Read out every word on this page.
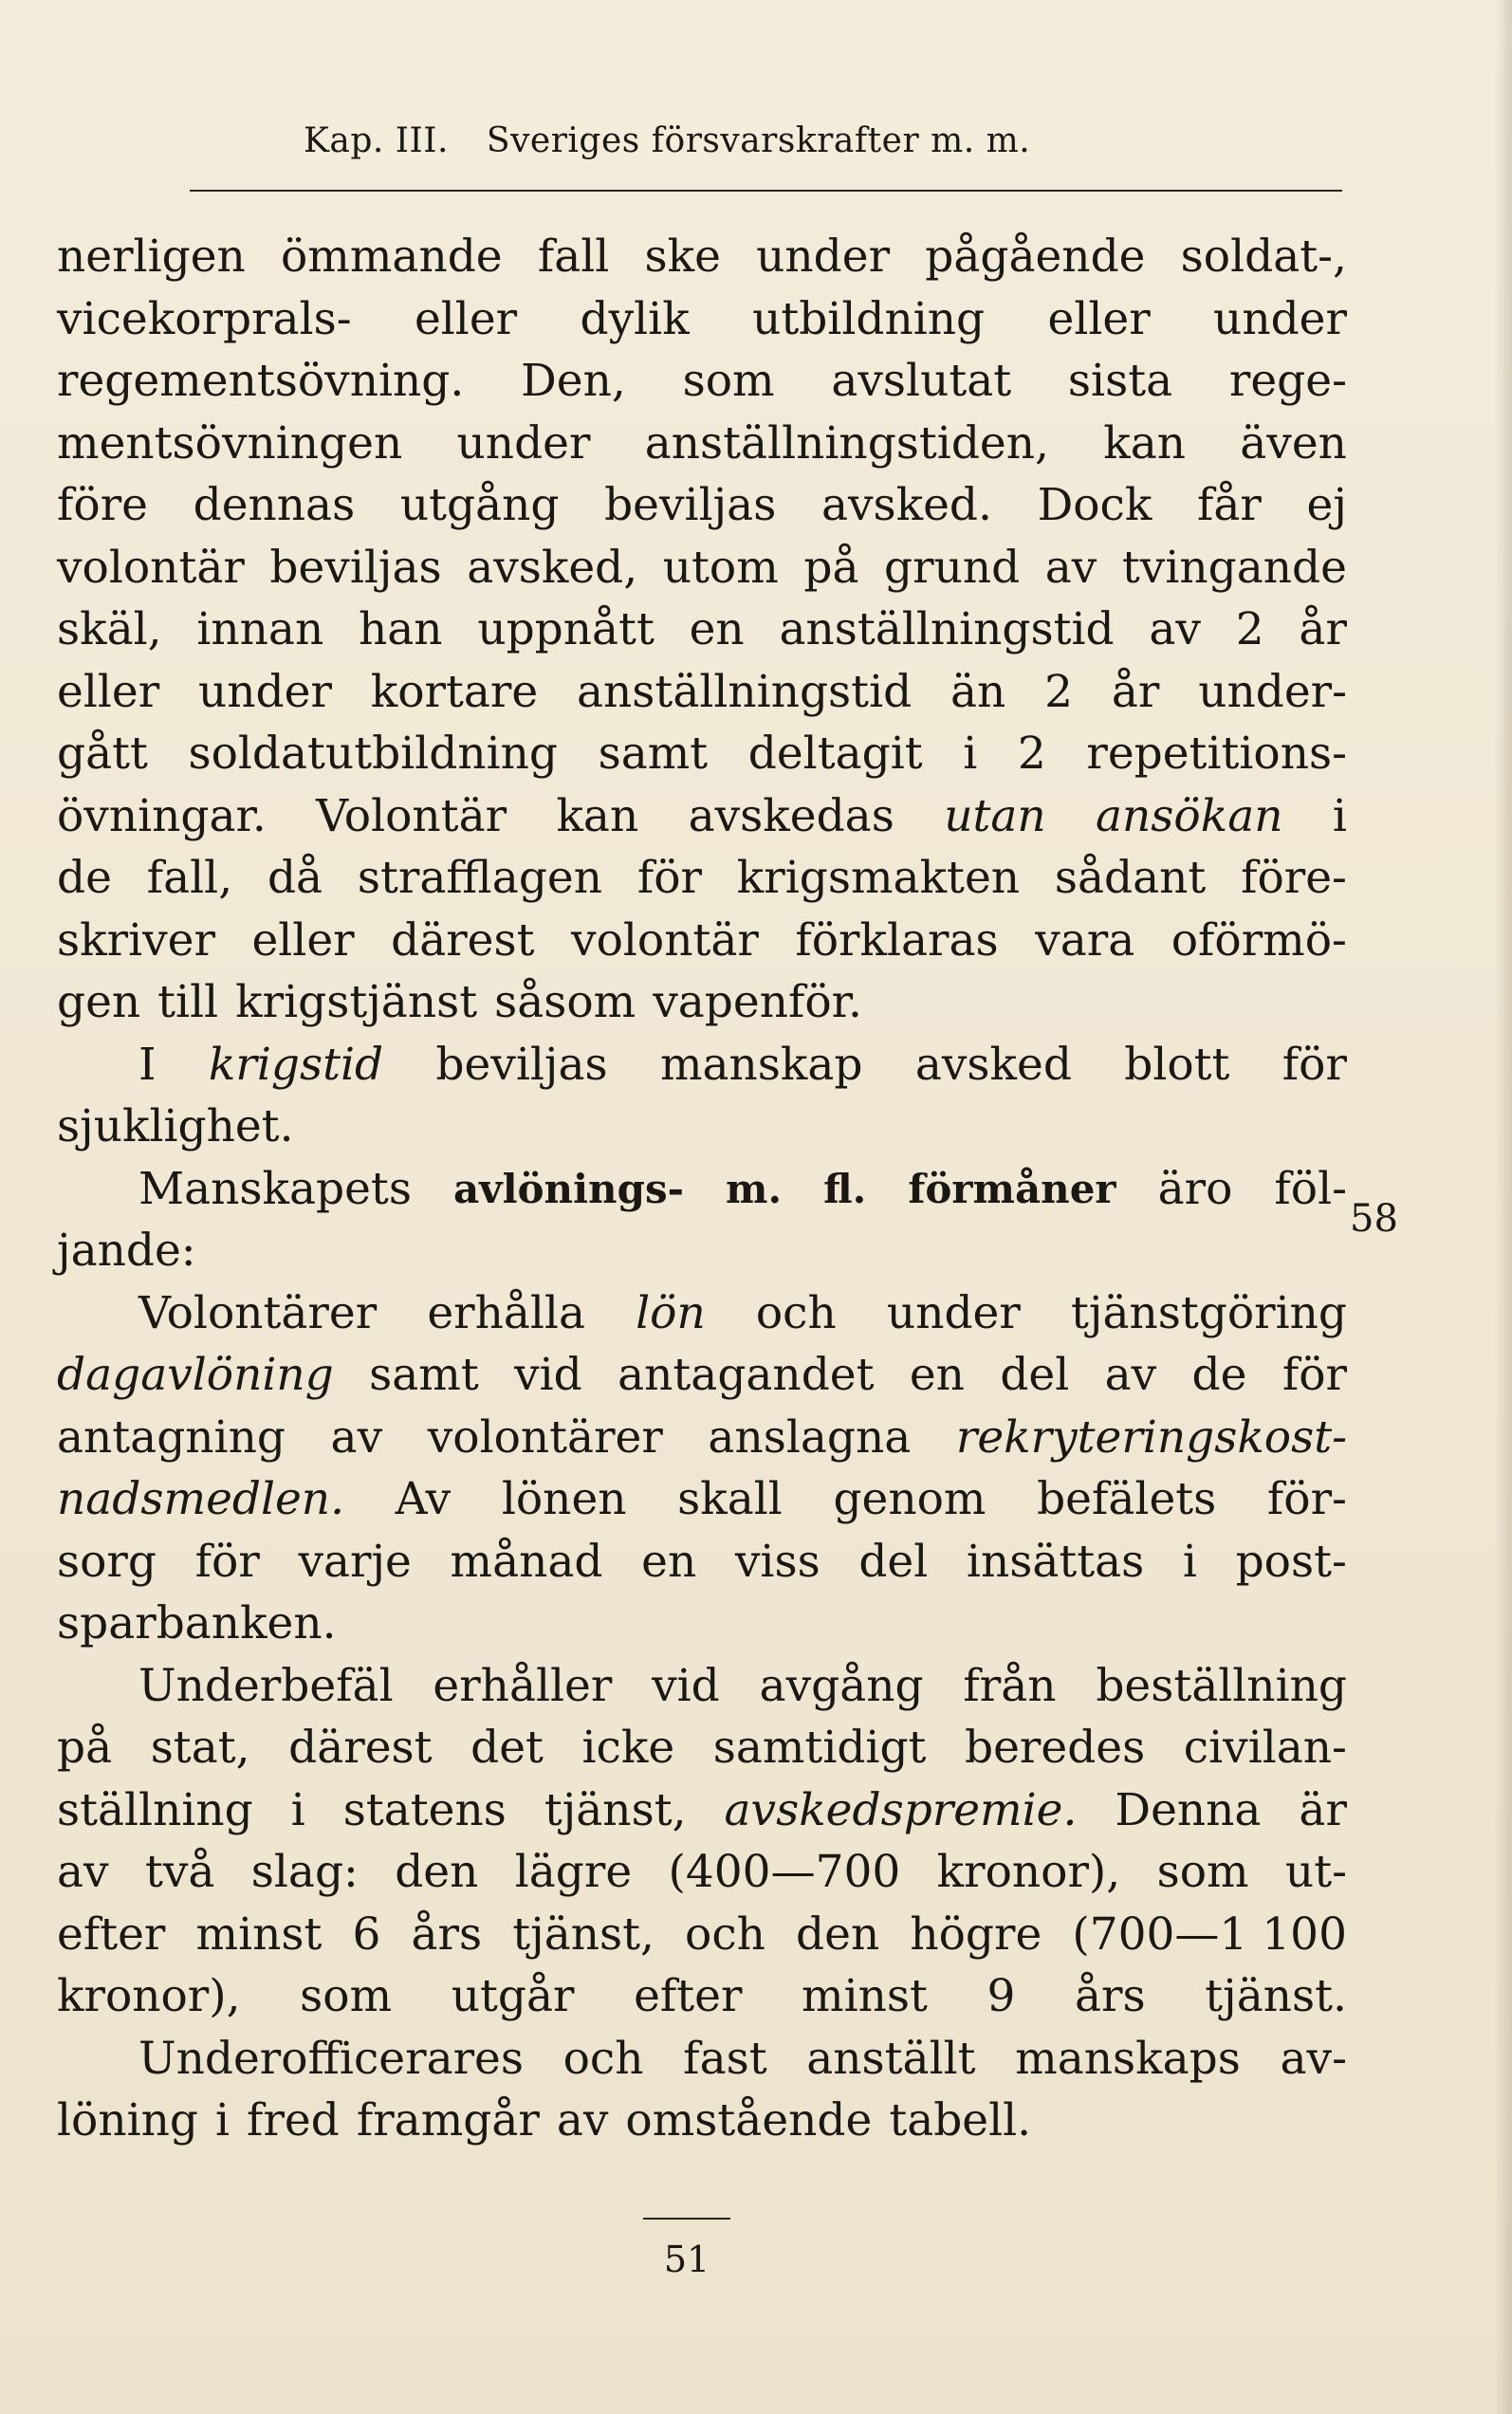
Kap. III. Sveriges försvarskrafter m. m.
nerligen ömmande fall ske under pågående soldat-,
vicekorprals- eller dylik utbildning eller under
regementsövning. Den, som avslutat sista rege-
mentsövningen under anställningstiden, kan även
före dennas utgång beviljas avsked. Dock får ej
volontär beviljas avsked, utom på grund av tvingande
skäl, innan han uppnått en anställningstid av 2 år
eller under kortare anställningstid än 2 år under-
gått soldatutbildning samt deltagit i 2 repetitions-
övningar. Volontär kan avskedas utan ansökan i
de fall, då strafflagen för krigsmakten sådant före-
skriver eller därest volontär förklaras vara oförmö-
gen till krigstjänst såsom vapenför.
I krigstid beviljas manskap avsked blott för
sjuklighet.
Manskapets avlönings- m. fl. förmåner äro föl-
jande:
Volontärer erhålla lön och under tjänstgöring
dagavlöning samt vid antagandet en del av de för
antagning av volontärer anslagna rekryteringskost-
nadsmedlen. Av lönen skall genom befälets för-
sorg för varje månad en viss del insättas i post-
sparbanken.
Underbefäl erhåller vid avgång från beställning
på stat, därest det icke samtidigt beredes civilan-
ställning i statens tjänst, avskedspremie. Denna är
av två slag: den lägre (400—700 kronor), som ut-
efter minst 6 års tjänst, och den högre (700—1 100
kronor), som utgår efter minst 9 års tjänst.
Underofficerares och fast anställt manskaps av-
löning i fred framgår av omstående tabell.
58
51
